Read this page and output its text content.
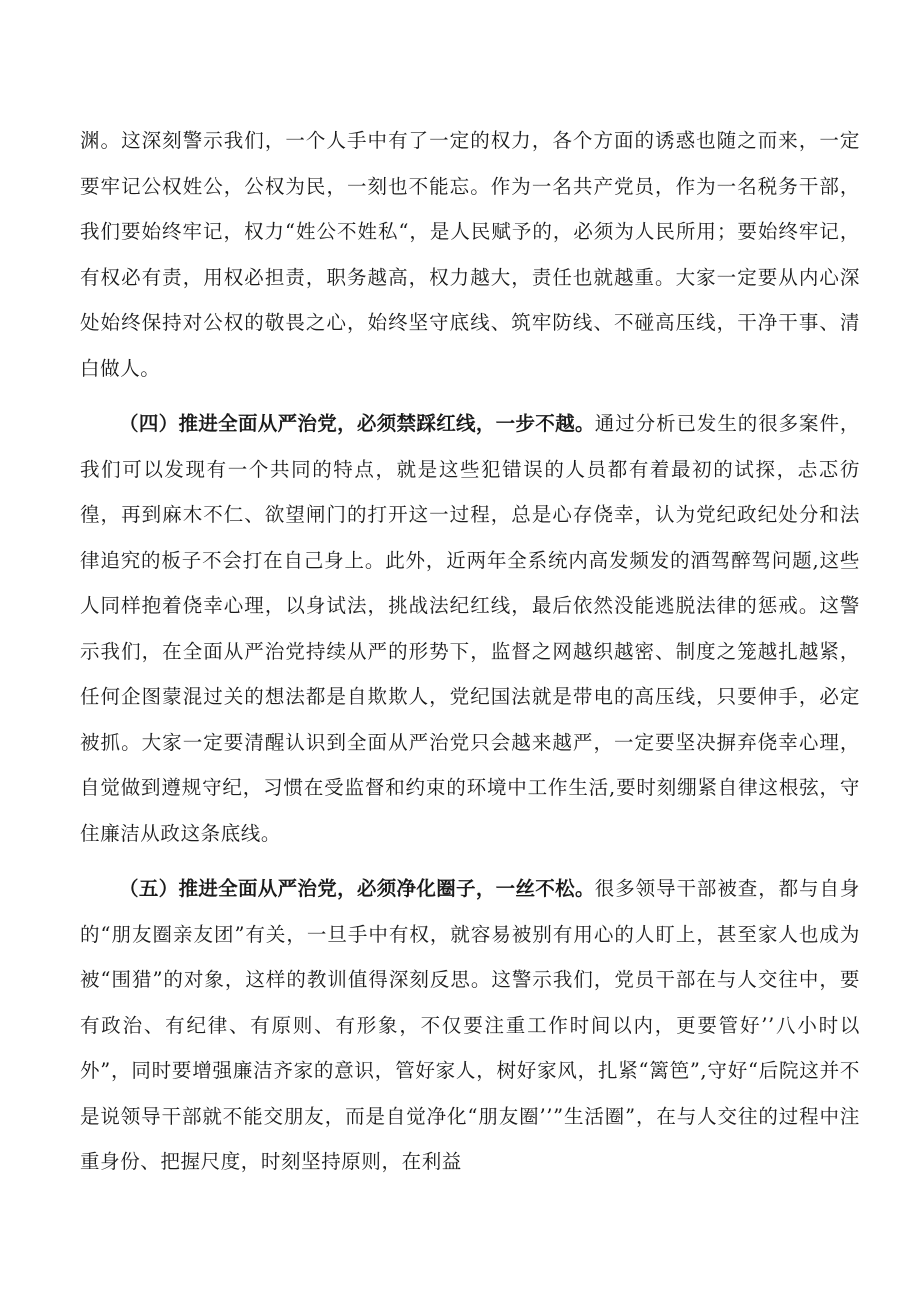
渊。这深刻警示我们，一个人手中有了一定的权力，各个方面的诱惑也随之而来，一定要牢记公权姓公，公权为民，一刻也不能忘。作为一名共产党员，作为一名税务干部，我们要始终牢记，权力“姓公不姓私“，是人民赋予的，必须为人民所用；要始终牢记，有权必有责，用权必担责，职务越高，权力越大，责任也就越重。大家一定要从内心深处始终保持对公权的敬畏之心，始终坚守底线、筑牢防线、不碰高压线，干净干事、清白做人。

（四）推进全面从严治党，必须禁踩红线，一步不越。通过分析已发生的很多案件，我们可以发现有一个共同的特点，就是这些犯错误的人员都有着最初的试探，忐忑彷徨，再到麻木不仁、欲望闸门的打开这一过程，总是心存侥幸，认为党纪政纪处分和法律追究的板子不会打在自己身上。此外，近两年全系统内高发频发的酒驾醉驾问题,这些人同样抱着侥幸心理，以身试法，挑战法纪红线，最后依然没能逃脱法律的惩戒。这警示我们，在全面从严治党持续从严的形势下，监督之网越织越密、制度之笼越扎越紧，任何企图蒙混过关的想法都是自欺欺人，党纪国法就是带电的高压线，只要伸手，必定被抓。大家一定要清醒认识到全面从严治党只会越来越严，一定要坚决摒弃侥幸心理，自觉做到遵规守纪，习惯在受监督和约束的环境中工作生活,要时刻绷紧自律这根弦，守住廉洁从政这条底线。

（五）推进全面从严治党，必须净化圈子，一丝不松。很多领导干部被查，都与自身的“朋友圈亲友团”有关，一旦手中有权，就容易被别有用心的人盯上，甚至家人也成为被“围猎”的对象，这样的教训值得深刻反思。这警示我们，党员干部在与人交往中，要有政治、有纪律、有原则、有形象，不仅要注重工作时间以内，更要管好’’八小时以外”，同时要增强廉洁齐家的意识，管好家人，树好家风，扎紧“篱笆”,守好“后院这并不是说领导干部就不能交朋友，而是自觉净化“朋友圈’’”生活圈”，在与人交往的过程中注重身份、把握尺度，时刻坚持原则，在利益
